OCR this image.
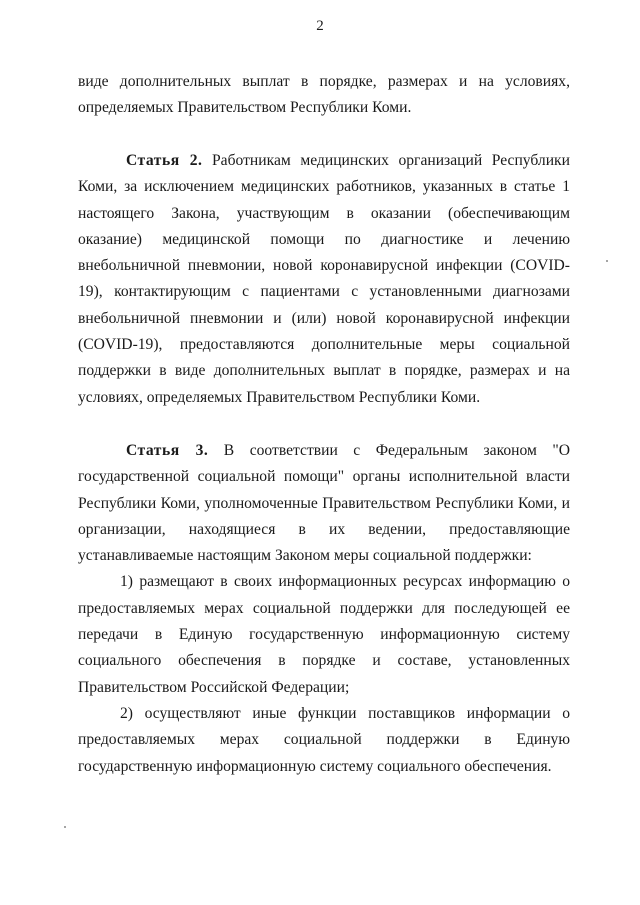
2

виде дополнительных выплат в порядке, размерах и на условиях, определяемых Правительством Республики Коми.

Статья 2. Работникам медицинских организаций Республики Коми, за исключением медицинских работников, указанных в статье 1 настоящего Закона, участвующим в оказании (обеспечивающим оказание) медицинской помощи по диагностике и лечению внебольничной пневмонии, новой коронавирусной инфекции (COVID-19), контактирующим с пациентами с установленными диагнозами внебольничной пневмонии и (или) новой коронавирусной инфекции (COVID-19), предоставляются дополнительные меры социальной поддержки в виде дополнительных выплат в порядке, размерах и на условиях, определяемых Правительством Республики Коми.

Статья 3. В соответствии с Федеральным законом "О государственной социальной помощи" органы исполнительной власти Республики Коми, уполномоченные Правительством Республики Коми, и организации, находящиеся в их ведении, предоставляющие устанавливаемые настоящим Законом меры социальной поддержки:

1) размещают в своих информационных ресурсах информацию о предоставляемых мерах социальной поддержки для последующей ее передачи в Единую государственную информационную систему социального обеспечения в порядке и составе, установленных Правительством Российской Федерации;

2) осуществляют иные функции поставщиков информации о предоставляемых мерах социальной поддержки в Единую государственную информационную систему социального обеспечения.
